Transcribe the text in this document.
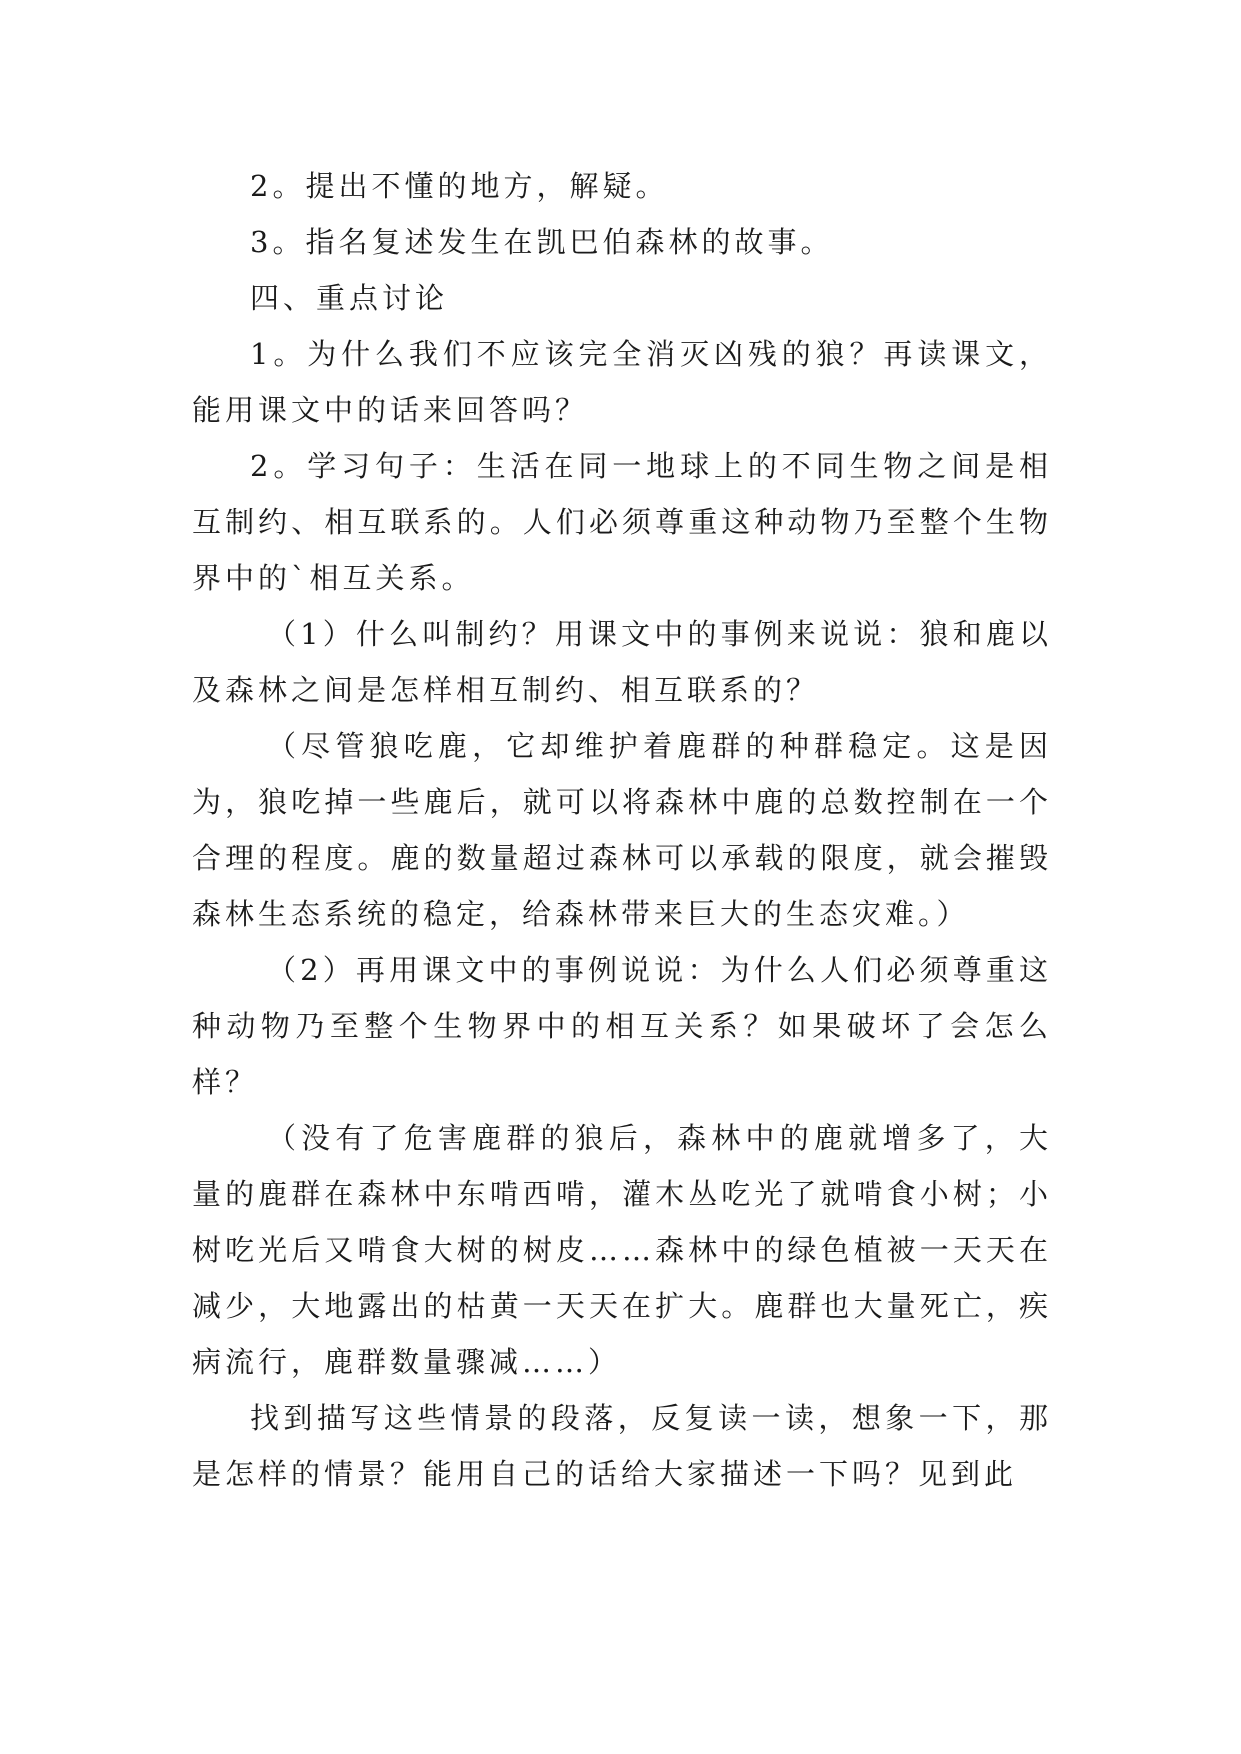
2。提出不懂的地方，解疑。

3。指名复述发生在凯巴伯森林的故事。

四、重点讨论

1。为什么我们不应该完全消灭凶残的狼？再读课文，能用课文中的话来回答吗？

2。学习句子：生活在同一地球上的不同生物之间是相互制约、相互联系的。人们必须尊重这种动物乃至整个生物界中的`相互关系。

（1）什么叫制约？用课文中的事例来说说：狼和鹿以及森林之间是怎样相互制约、相互联系的？

（尽管狼吃鹿，它却维护着鹿群的种群稳定。这是因为，狼吃掉一些鹿后，就可以将森林中鹿的总数控制在一个合理的程度。鹿的数量超过森林可以承载的限度，就会摧毁森林生态系统的稳定，给森林带来巨大的生态灾难。）

（2）再用课文中的事例说说：为什么人们必须尊重这种动物乃至整个生物界中的相互关系？如果破坏了会怎么样？

（没有了危害鹿群的狼后，森林中的鹿就增多了，大量的鹿群在森林中东啃西啃，灌木丛吃光了就啃食小树；小树吃光后又啃食大树的树皮……森林中的绿色植被一天天在减少，大地露出的枯黄一天天在扩大。鹿群也大量死亡，疾病流行，鹿群数量骤减……）

找到描写这些情景的段落，反复读一读，想象一下，那是怎样的情景？能用自己的话给大家描述一下吗？见到此
